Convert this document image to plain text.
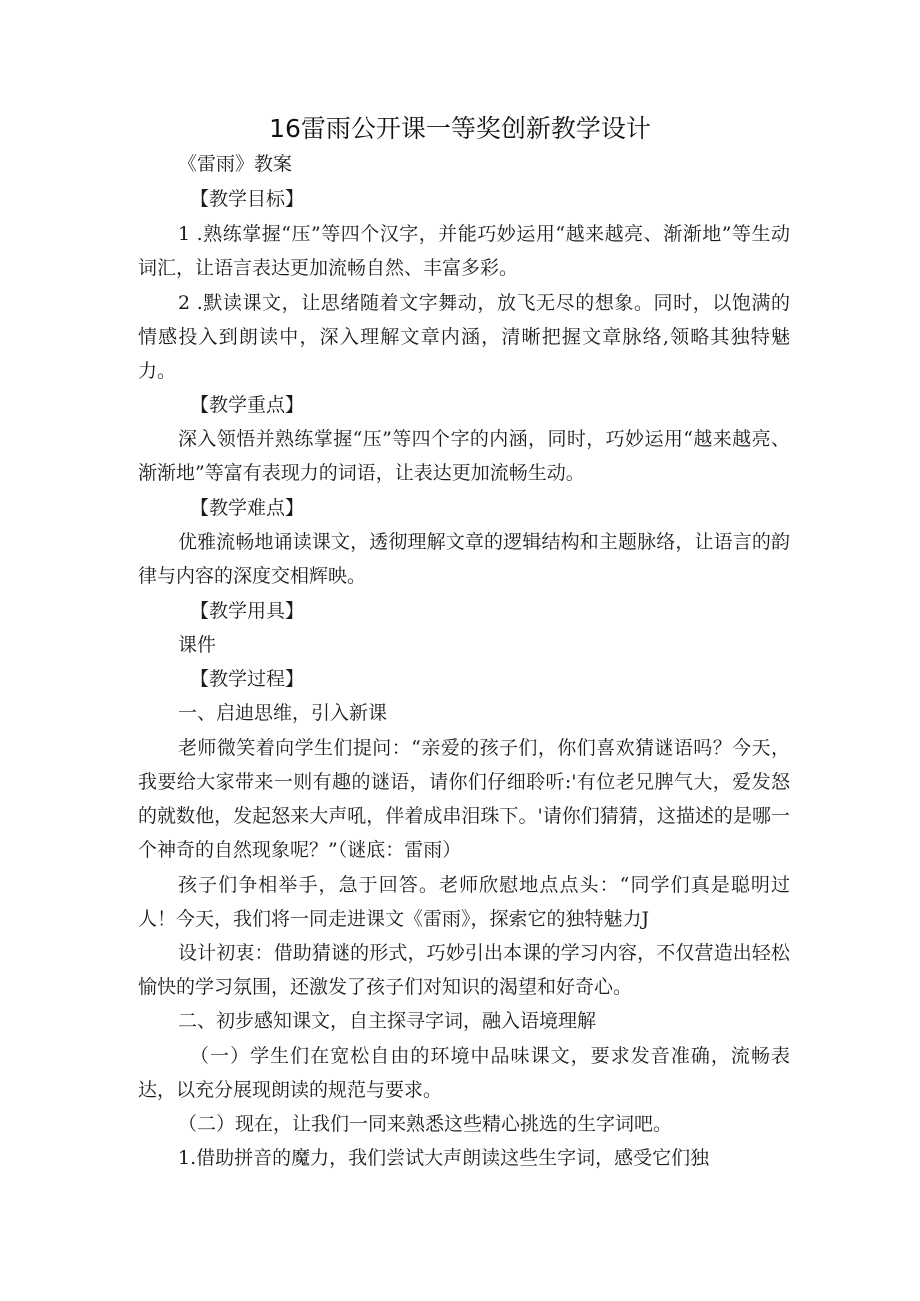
16雷雨公开课一等奖创新教学设计

《雷雨》教案

【教学目标】

1 .熟练掌握“压”等四个汉字，并能巧妙运用“越来越亮、渐渐地”等生动词汇，让语言表达更加流畅自然、丰富多彩。

2 .默读课文，让思绪随着文字舞动，放飞无尽的想象。同时，以饱满的情感投入到朗读中，深入理解文章内涵，清晰把握文章脉络,领略其独特魅力。

【教学重点】

深入领悟并熟练掌握“压”等四个字的内涵，同时，巧妙运用“越来越亮、渐渐地”等富有表现力的词语，让表达更加流畅生动。

【教学难点】

优雅流畅地诵读课文，透彻理解文章的逻辑结构和主题脉络，让语言的韵律与内容的深度交相辉映。

【教学用具】

课件

【教学过程】

一、启迪思维，引入新课

老师微笑着向学生们提问：“亲爱的孩子们，你们喜欢猜谜语吗？今天，我要给大家带来一则有趣的谜语，请你们仔细聆听:'有位老兄脾气大，爱发怒的就数他，发起怒来大声吼，伴着成串泪珠下。'请你们猜猜，这描述的是哪一个神奇的自然现象呢？”（谜底：雷雨）

孩子们争相举手，急于回答。老师欣慰地点点头：“同学们真是聪明过人！今天，我们将一同走进课文《雷雨》，探索它的独特魅力J

设计初衷：借助猜谜的形式，巧妙引出本课的学习内容，不仅营造出轻松愉快的学习氛围，还激发了孩子们对知识的渴望和好奇心。

二、初步感知课文，自主探寻字词，融入语境理解

（一）学生们在宽松自由的环境中品味课文，要求发音准确，流畅表达，以充分展现朗读的规范与要求。

（二）现在，让我们一同来熟悉这些精心挑选的生字词吧。

1.借助拼音的魔力，我们尝试大声朗读这些生字词，感受它们独
